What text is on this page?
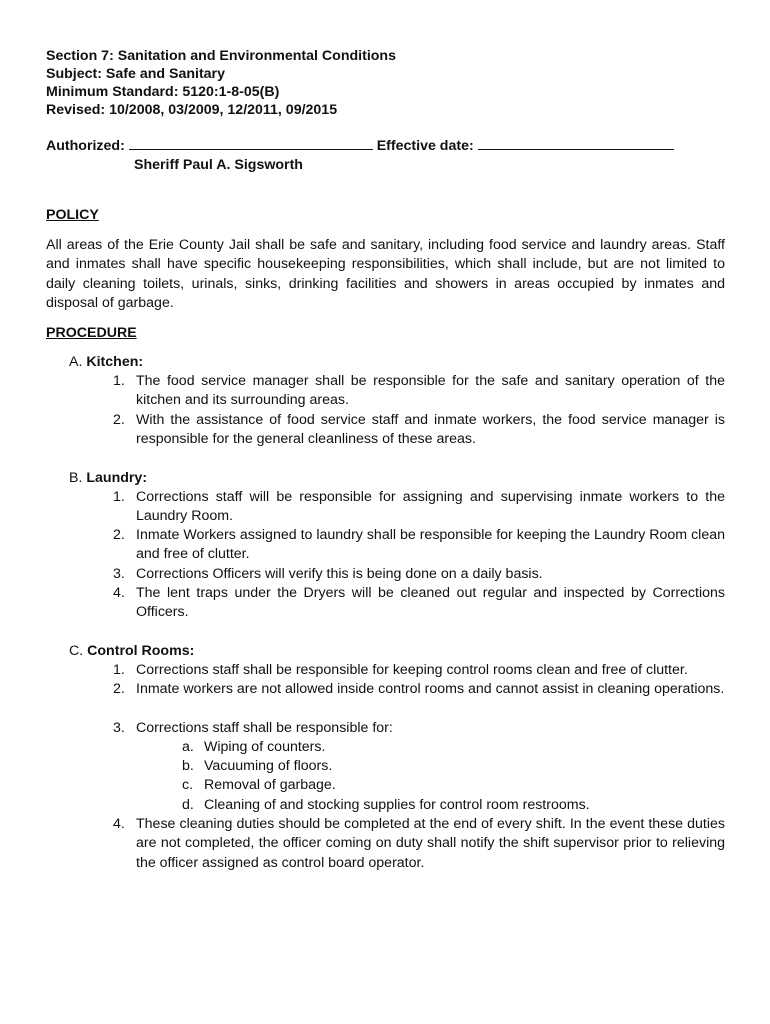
Section 7: Sanitation and Environmental Conditions
Subject: Safe and Sanitary
Minimum Standard: 5120:1-8-05(B)
Revised: 10/2008, 03/2009, 12/2011, 09/2015
Authorized:	Effective date:
Sheriff Paul A. Sigsworth
POLICY
All areas of the Erie County Jail shall be safe and sanitary, including food service and laundry areas. Staff and inmates shall have specific housekeeping responsibilities, which shall include, but are not limited to daily cleaning toilets, urinals, sinks, drinking facilities and showers in areas occupied by inmates and disposal of garbage.
PROCEDURE
A. Kitchen:
1. The food service manager shall be responsible for the safe and sanitary operation of the kitchen and its surrounding areas.
2. With the assistance of food service staff and inmate workers, the food service manager is responsible for the general cleanliness of these areas.
B. Laundry:
1. Corrections staff will be responsible for assigning and supervising inmate workers to the Laundry Room.
2. Inmate Workers assigned to laundry shall be responsible for keeping the Laundry Room clean and free of clutter.
3. Corrections Officers will verify this is being done on a daily basis.
4. The lent traps under the Dryers will be cleaned out regular and inspected by Corrections Officers.
C. Control Rooms:
1. Corrections staff shall be responsible for keeping control rooms clean and free of clutter.
2. Inmate workers are not allowed inside control rooms and cannot assist in cleaning operations.
3. Corrections staff shall be responsible for:
a. Wiping of counters.
b. Vacuuming of floors.
c. Removal of garbage.
d. Cleaning of and stocking supplies for control room restrooms.
4. These cleaning duties should be completed at the end of every shift. In the event these duties are not completed, the officer coming on duty shall notify the shift supervisor prior to relieving the officer assigned as control board operator.
